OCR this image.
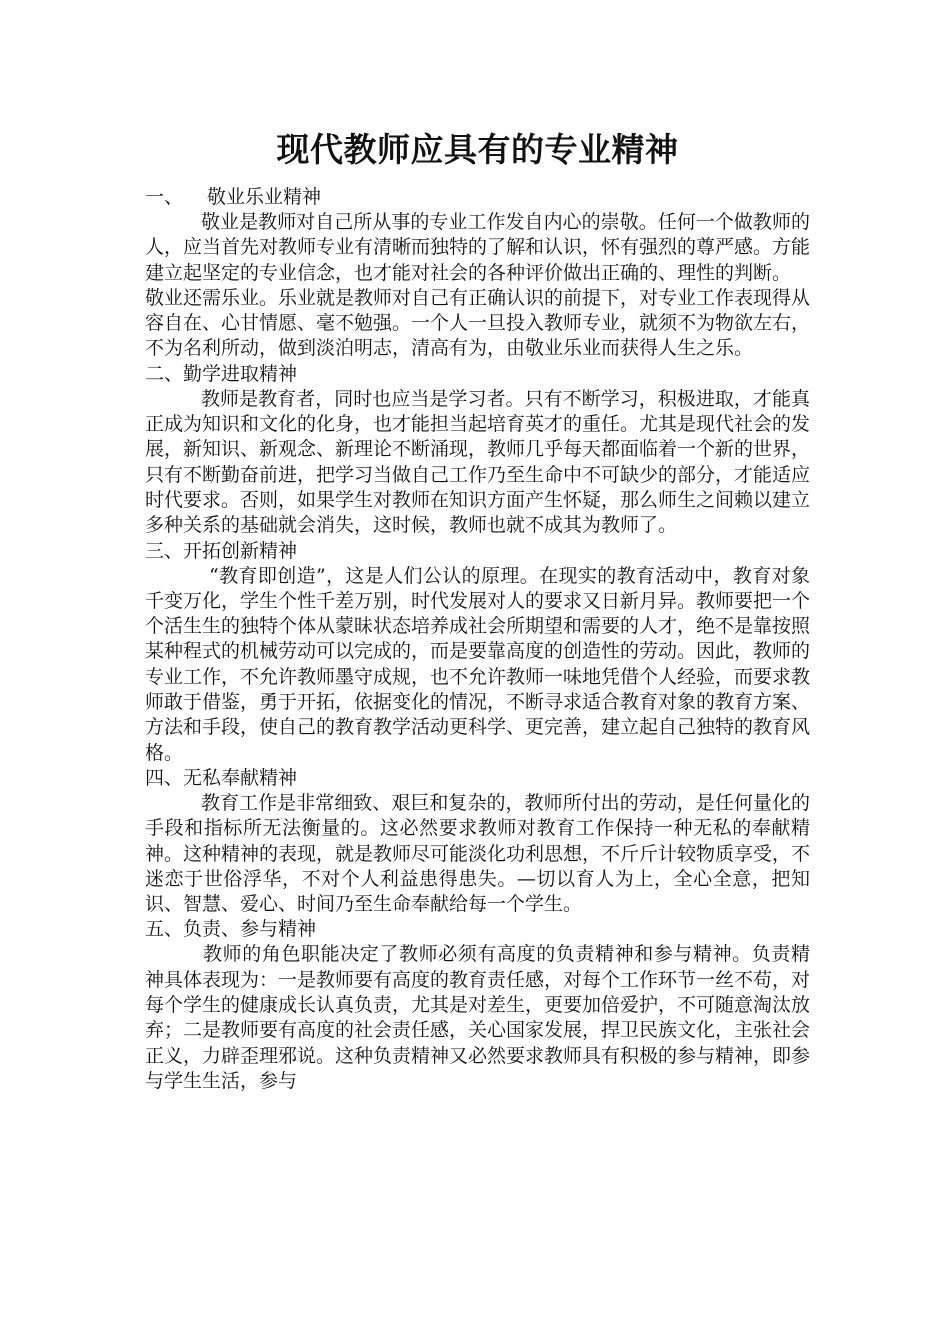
现代教师应具有的专业精神

一、 敬业乐业精神

敬业是教师对自己所从事的专业工作发自内心的崇敬。任何一个做教师的人，应当首先对教师专业有清晰而独特的了解和认识，怀有强烈的尊严感。方能建立起坚定的专业信念，也才能对社会的各种评价做出正确的、理性的判断。

敬业还需乐业。乐业就是教师对自己有正确认识的前提下，对专业工作表现得从容自在、心甘情愿、毫不勉强。一个人一旦投入教师专业，就须不为物欲左右，不为名利所动，做到淡泊明志，清高有为，由敬业乐业而获得人生之乐。

二、勤学进取精神

教师是教育者，同时也应当是学习者。只有不断学习，积极进取，才能真正成为知识和文化的化身，也才能担当起培育英才的重任。尤其是现代社会的发展，新知识、新观念、新理论不断涌现，教师几乎每天都面临着一个新的世界，只有不断勤奋前进，把学习当做自己工作乃至生命中不可缺少的部分，才能适应时代要求。否则，如果学生对教师在知识方面产生怀疑，那么师生之间赖以建立多种关系的基础就会消失，这时候，教师也就不成其为教师了。

三、开拓创新精神

“教育即创造”，这是人们公认的原理。在现实的教育活动中，教育对象千变万化，学生个性千差万别，时代发展对人的要求又日新月异。教师要把一个个活生生的独特个体从蒙昧状态培养成社会所期望和需要的人才，绝不是靠按照某种程式的机械劳动可以完成的，而是要靠高度的创造性的劳动。因此，教师的专业工作，不允许教师墨守成规，也不允许教师一味地凭借个人经验，而要求教师敢于借鉴，勇于开拓，依据变化的情况，不断寻求适合教育对象的教育方案、方法和手段，使自己的教育教学活动更科学、更完善，建立起自己独特的教育风格。

四、无私奉献精神

教育工作是非常细致、艰巨和复杂的，教师所付出的劳动，是任何量化的手段和指标所无法衡量的。这必然要求教师对教育工作保持一种无私的奉献精神。这种精神的表现，就是教师尽可能淡化功利思想，不斤斤计较物质享受，不迷恋于世俗浮华，不对个人利益患得患失。—切以育人为上，全心全意，把知识、智慧、爱心、时间乃至生命奉献给每一个学生。

五、负责、参与精神

教师的角色职能决定了教师必须有高度的负责精神和参与精神。负责精神具体表现为：一是教师要有高度的教育责任感，对每个工作环节一丝不苟，对每个学生的健康成长认真负责，尤其是对差生，更要加倍爱护，不可随意淘汰放弃；二是教师要有高度的社会责任感，关心国家发展，捍卫民族文化，主张社会正义，力辟歪理邪说。这种负责精神又必然要求教师具有积极的参与精神，即参与学生生活，参与
